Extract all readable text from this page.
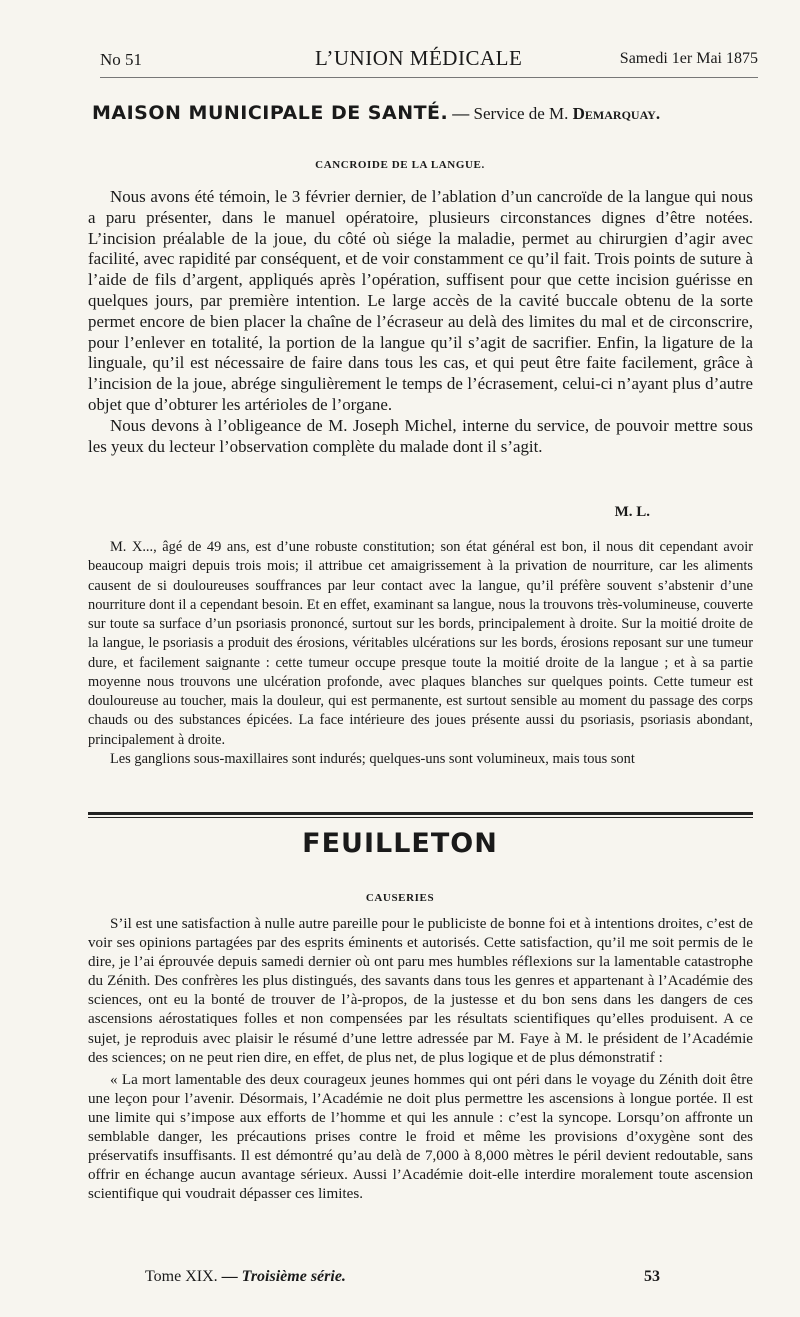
No 51	L’UNION MÉDICALE	Samedi 1er Mai 1875
MAISON MUNICIPALE DE SANTÉ. — Service de M. Demarquay.
CANCROIDE DE LA LANGUE.

Nous avons été témoin, le 3 février dernier, de l’ablation d’un cancroïde de la langue qui nous a paru présenter, dans le manuel opératoire, plusieurs circonstances dignes d’être notées. L’incision préalable de la joue, du côté où siége la maladie, permet au chirurgien d’agir avec facilité, avec rapidité par conséquent, et de voir constamment ce qu’il fait. Trois points de suture à l’aide de fils d’argent, appliqués après l’opération, suffisent pour que cette incision guérisse en quelques jours, par première intention. Le large accès de la cavité buccale obtenu de la sorte permet encore de bien placer la chaîne de l’écraseur au delà des limites du mal et de circonscrire, pour l’enlever en totalité, la portion de la langue qu’il s’agit de sacrifier. Enfin, la ligature de la linguale, qu’il est nécessaire de faire dans tous les cas, et qui peut être faite facilement, grâce à l’incision de la joue, abrége singulièrement le temps de l’écrasement, celui-ci n’ayant plus d’autre objet que d’obturer les artérioles de l’organe.

Nous devons à l’obligeance de M. Joseph Michel, interne du service, de pouvoir mettre sous les yeux du lecteur l’observation complète du malade dont il s’agit.

M. L.

M. X..., âgé de 49 ans, est d’une robuste constitution; son état général est bon, il nous dit cependant avoir beaucoup maigri depuis trois mois; il attribue cet amaigrissement à la privation de nourriture, car les aliments causent de si douloureuses souffrances par leur contact avec la langue, qu’il préfère souvent s’abstenir d’une nourriture dont il a cependant besoin. Et en effet, examinant sa langue, nous la trouvons très-volumineuse, couverte sur toute sa surface d’un psoriasis prononcé, surtout sur les bords, principalement à droite. Sur la moitié droite de la langue, le psoriasis a produit des érosions, véritables ulcérations sur les bords, érosions reposant sur une tumeur dure, et facilement saignante : cette tumeur occupe presque toute la moitié droite de la langue ; et à sa partie moyenne nous trouvons une ulcération profonde, avec plaques blanches sur quelques points. Cette tumeur est douloureuse au toucher, mais la douleur, qui est permanente, est surtout sensible au moment du passage des corps chauds ou des substances épicées. La face intérieure des joues présente aussi du psoriasis, psoriasis abondant, principalement à droite.

Les ganglions sous-maxillaires sont indurés; quelques-uns sont volumineux, mais tous sont

FEUILLETON
CAUSERIES

S’il est une satisfaction à nulle autre pareille pour le publiciste de bonne foi et à intentions droites, c’est de voir ses opinions partagées par des esprits éminents et autorisés. Cette satisfaction, qu’il me soit permis de le dire, je l’ai éprouvée depuis samedi dernier où ont paru mes humbles réflexions sur la lamentable catastrophe du Zénith. Des confrères les plus distingués, des savants dans tous les genres et appartenant à l’Académie des sciences, ont eu la bonté de trouver de l’à-propos, de la justesse et du bon sens dans les dangers de ces ascensions aérostatiques folles et non compensées par les résultats scientifiques qu’elles produisent. A ce sujet, je reproduis avec plaisir le résumé d’une lettre adressée par M. Faye à M. le président de l’Académie des sciences; on ne peut rien dire, en effet, de plus net, de plus logique et de plus démonstratif :

« La mort lamentable des deux courageux jeunes hommes qui ont péri dans le voyage du Zénith doit être une leçon pour l’avenir. Désormais, l’Académie ne doit plus permettre les ascensions à longue portée. Il est une limite qui s’impose aux efforts de l’homme et qui les annule : c’est la syncope. Lorsqu’on affronte un semblable danger, les précautions prises contre le froid et même les provisions d’oxygène sont des préservatifs insuffisants. Il est démontré qu’au delà de 7,000 à 8,000 mètres le péril devient redoutable, sans offrir en échange aucun avantage sérieux. Aussi l’Académie doit-elle interdire moralement toute ascension scientifique qui voudrait dépasser ces limites.

Tome XIX. — Troisième série.	53
